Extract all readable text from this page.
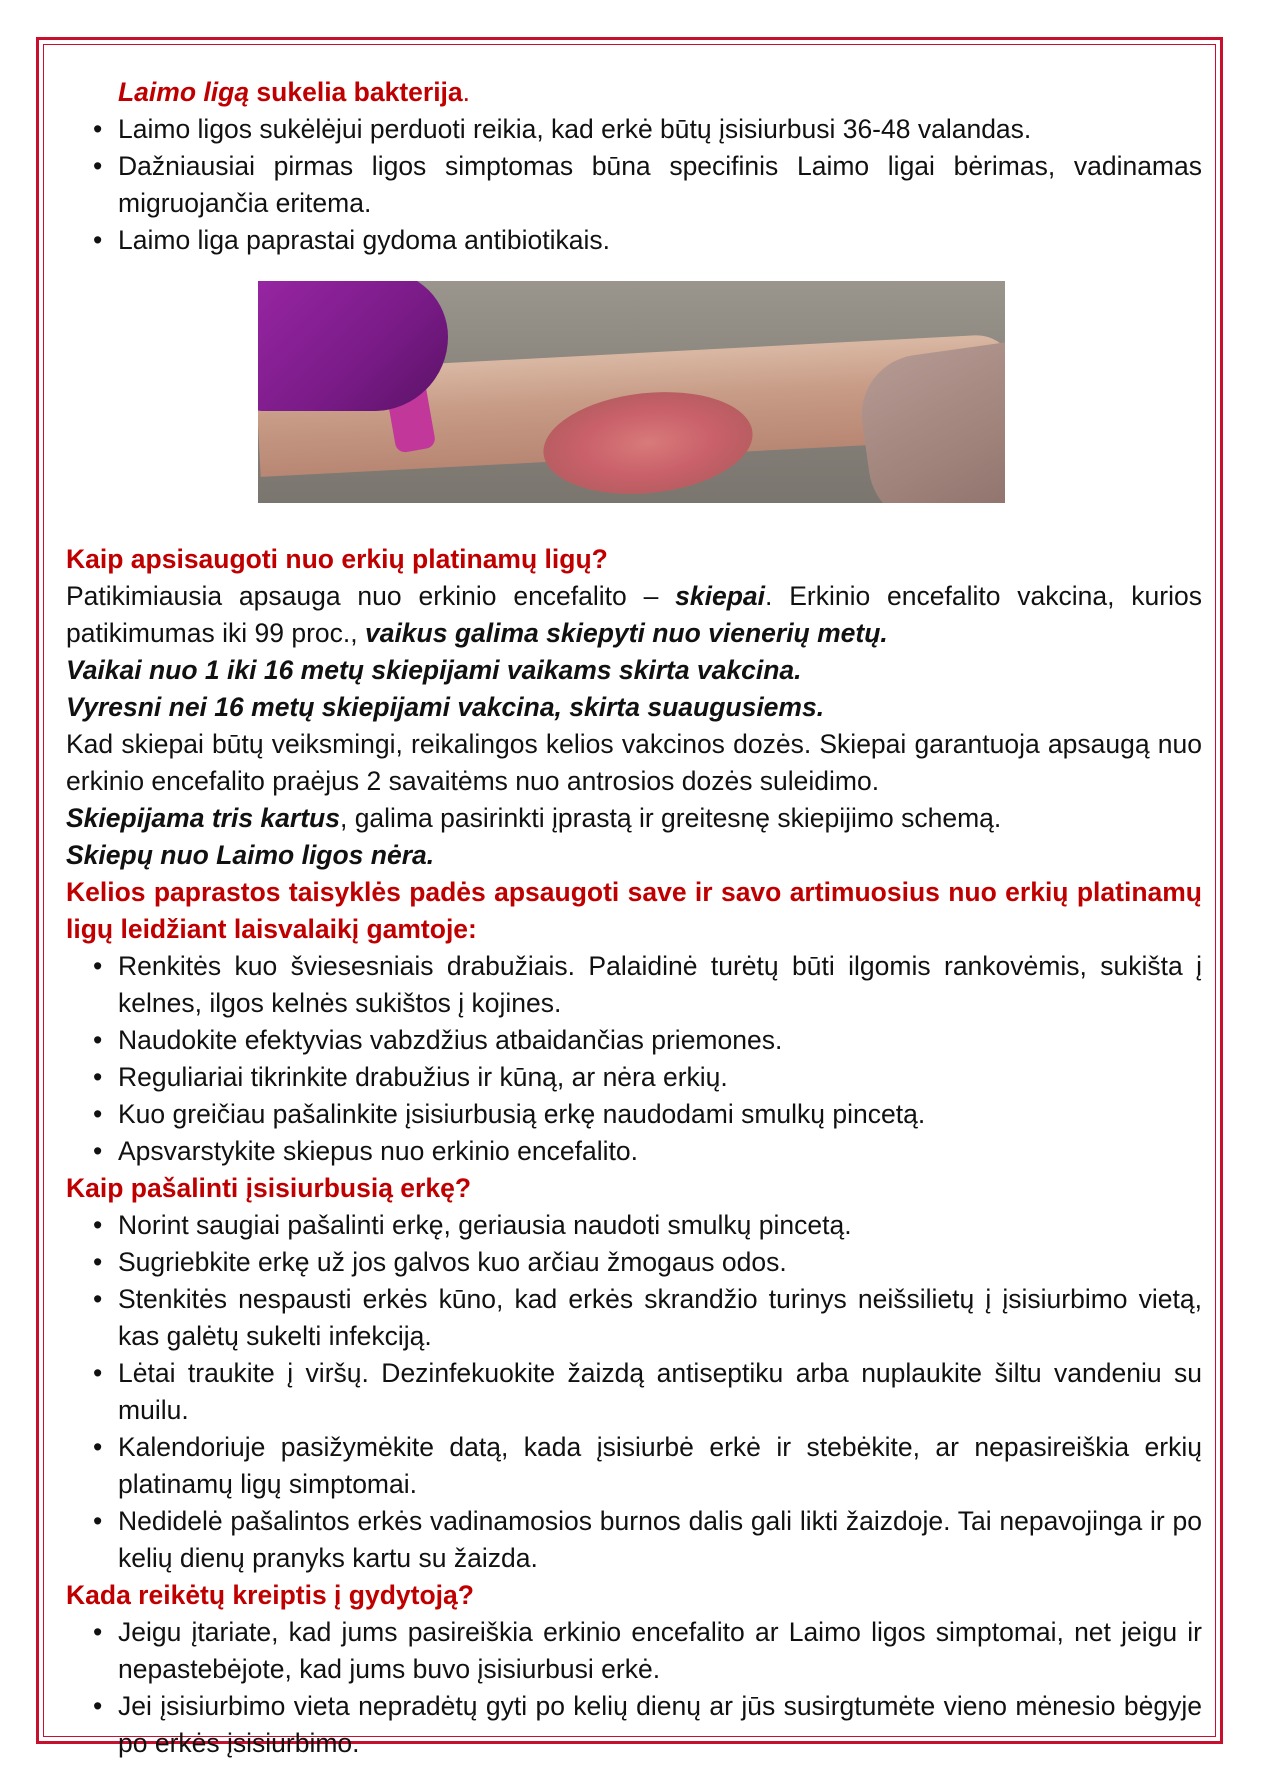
Laimo ligą sukelia bakterija.

• Laimo ligos sukėlėjui perduoti reikia, kad erkė būtų įsisiurbusi 36-48 valandas.
• Dažniausiai pirmas ligos simptomas būna specifinis Laimo ligai bėrimas, vadinamas migruojančia eritema.
• Laimo liga paprastai gydoma antibiotikais.

Kaip apsisaugoti nuo erkių platinamų ligų?

Patikimiausia apsauga nuo erkinio encefalito – skiepai. Erkinio encefalito vakcina, kurios patikimumas iki 99 proc., vaikus galima skiepyti nuo vienerių metų.

Vaikai nuo 1 iki 16 metų skiepijami vaikams skirta vakcina.

Vyresni nei 16 metų skiepijami vakcina, skirta suaugusiems.

Kad skiepai būtų veiksmingi, reikalingos kelios vakcinos dozės. Skiepai garantuoja apsaugą nuo erkinio encefalito praėjus 2 savaitėms nuo antrosios dozės suleidimo.

Skiepijama tris kartus, galima pasirinkti įprastą ir greitesnę skiepijimo schemą.

Skiepų nuo Laimo ligos nėra.

Kelios paprastos taisyklės padės apsaugoti save ir savo artimuosius nuo erkių platinamų ligų leidžiant laisvalaikį gamtoje:

• Renkitės kuo šviesesniais drabužiais. Palaidinė turėtų būti ilgomis rankovėmis, sukišta į kelnes, ilgos kelnės sukištos į kojines.
• Naudokite efektyvias vabzdžius atbaidančias priemones.
• Reguliariai tikrinkite drabužius ir kūną, ar nėra erkių.
• Kuo greičiau pašalinkite įsisiurbusią erkę naudodami smulkų pincetą.
• Apsvarstykite skiepus nuo erkinio encefalito.

Kaip pašalinti įsisiurbusią erkę?

• Norint saugiai pašalinti erkę, geriausia naudoti smulkų pincetą.
• Sugriebkite erkę už jos galvos kuo arčiau žmogaus odos.
• Stenkitės nespausti erkės kūno, kad erkės skrandžio turinys neišsilietų į įsisiurbimo vietą, kas galėtų sukelti infekciją.
• Lėtai traukite į viršų. Dezinfekuokite žaizdą antiseptiku arba nuplaukite šiltu vandeniu su muilu.
• Kalendoriuje pasižymėkite datą, kada įsisiurbė erkė ir stebėkite, ar nepasireiškia erkių platinamų ligų simptomai.
• Nedidelė pašalintos erkės vadinamosios burnos dalis gali likti žaizdoje. Tai nepavojinga ir po kelių dienų pranyks kartu su žaizda.

Kada reikėtų kreiptis į gydytoją?

• Jeigu įtariate, kad jums pasireiškia erkinio encefalito ar Laimo ligos simptomai, net jeigu ir nepastebėjote, kad jums buvo įsisiurbusi erkė.
• Jei įsisiurbimo vieta nepradėtų gyti po kelių dienų ar jūs susirgtumėte vieno mėnesio bėgyje po erkės įsisiurbimo.
